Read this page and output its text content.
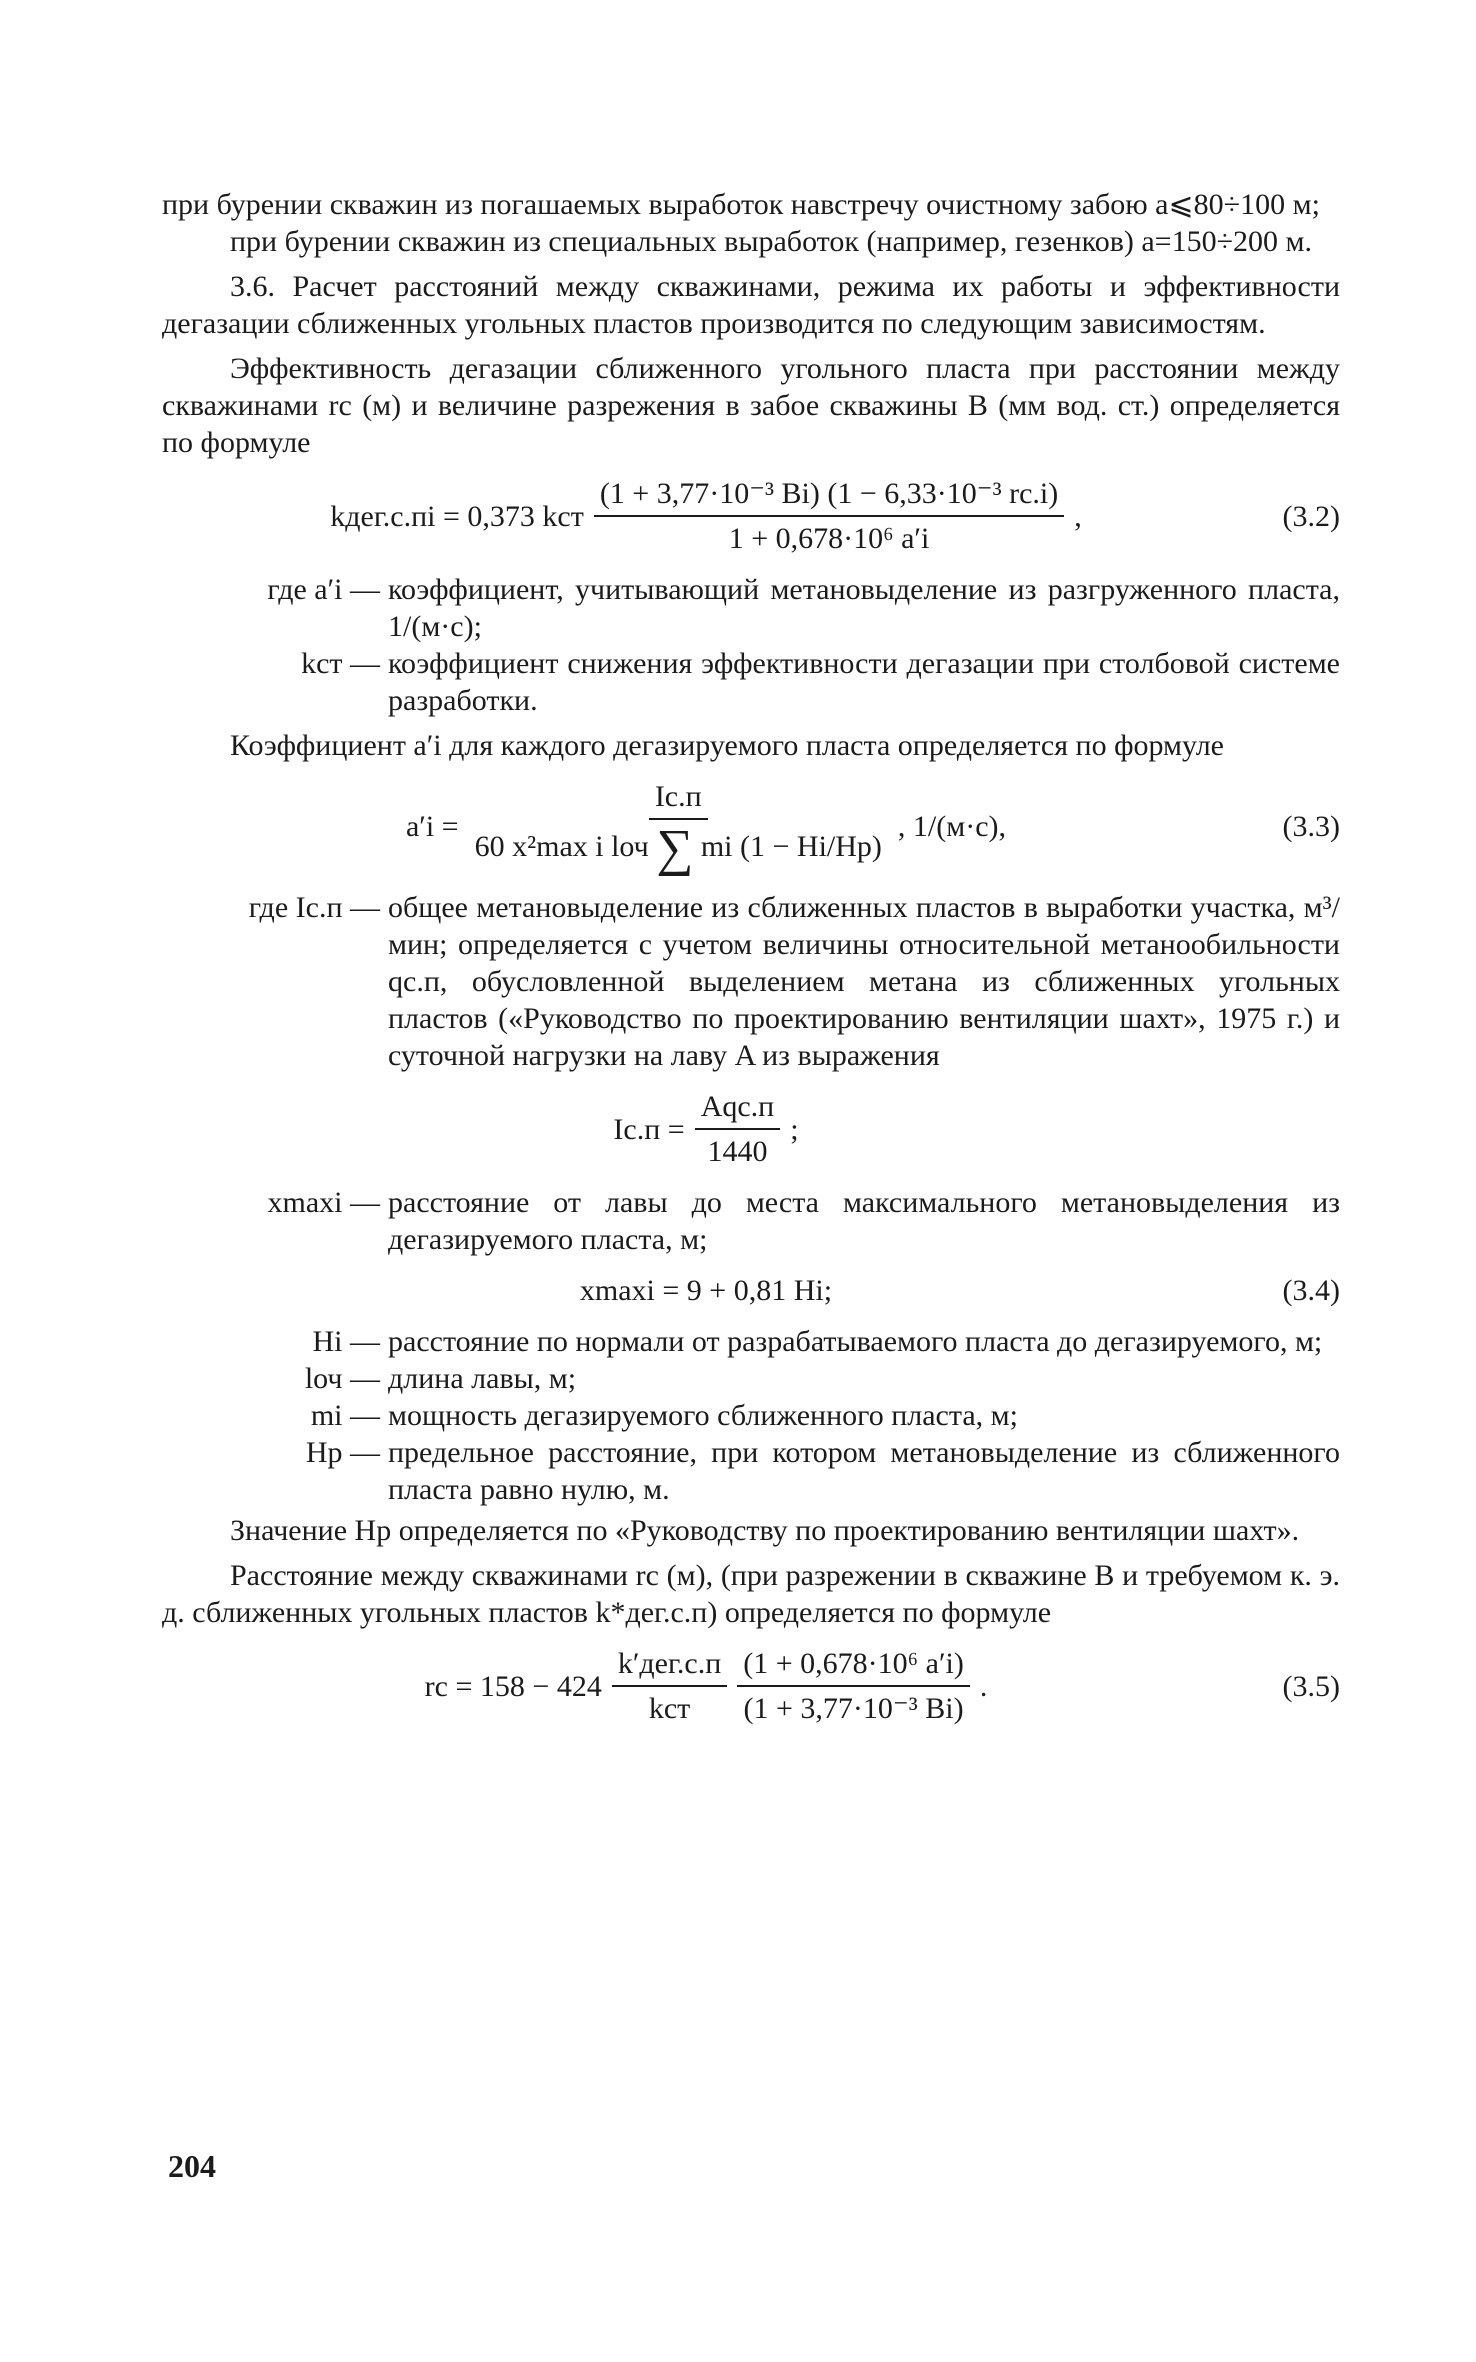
при бурении скважин из погашаемых выработок навстречу очистному забою a⩽80÷100 м;

при бурении скважин из специальных выработок (например, гезенков) a=150÷200 м.

3.6. Расчет расстояний между скважинами, режима их работы и эффективности дегазации сближенных угольных пластов производится по следующим зависимостям.

Эффективность дегазации сближенного угольного пласта при расстоянии между скважинами rс (м) и величине разрежения в забое скважины B (мм вод. ст.) определяется по формуле

kдег.с.пi = 0,373 kст $\frac{\text{(1 + 3,77·10⁻³ Bi) (1 − 6,33·10⁻³ rс.i)}}{\text{1 + 0,678·10⁶ a′i}}$ ,	(3.2)
где a′i — коэффициент, учитывающий метановыделение из разгруженного пласта, 1/(м·с);
kст — коэффициент снижения эффективности дегазации при столбовой системе разработки.

Коэффициент a′i для каждого дегазируемого пласта определяется по формуле

$a'i = \frac{Iс.п}{\text{60 x²max i lоч ∑ mi (1 − Hi/Hр)}}$ , 1/(м·с),	(3.3)
где Iс.п — общее метановыделение из сближенных пластов в выработки участка, м³/мин; определяется с учетом величины относительной метанообильности qс.п, обусловленной выделением метана из сближенных угольных пластов («Руководство по проектированию вентиляции шахт», 1975 г.) и суточной нагрузки на лаву A из выражения
$Iс.п = \frac{\text{Aqс.п}}{1440}$ ;
xmaxi — расстояние от лавы до места максимального метановыделения из дегазируемого пласта, м;
xmaxi = 9 + 0,81 Hi;	(3.4)
Hi — расстояние по нормали от разрабатываемого пласта до дегазируемого, м;
lоч — длина лавы, м;
mi — мощность дегазируемого сближенного пласта, м;
Hр — предельное расстояние, при котором метановыделение из сближенного пласта равно нулю, м.

Значение Hр определяется по «Руководству по проектированию вентиляции шахт».

Расстояние между скважинами rс (м), (при разрежении в скважине B и требуемом к. э. д. сближенных угольных пластов k*дег.с.п) определяется по формуле

rс = $158 - 424 \frac{\text{k′дег.с.п}}{\text{kст}} \frac{\text{(1 + 0,678·10⁶ a′i)}}{\text{(1 + 3,77·10⁻³ Bi)}}$ .	(3.5)
204
